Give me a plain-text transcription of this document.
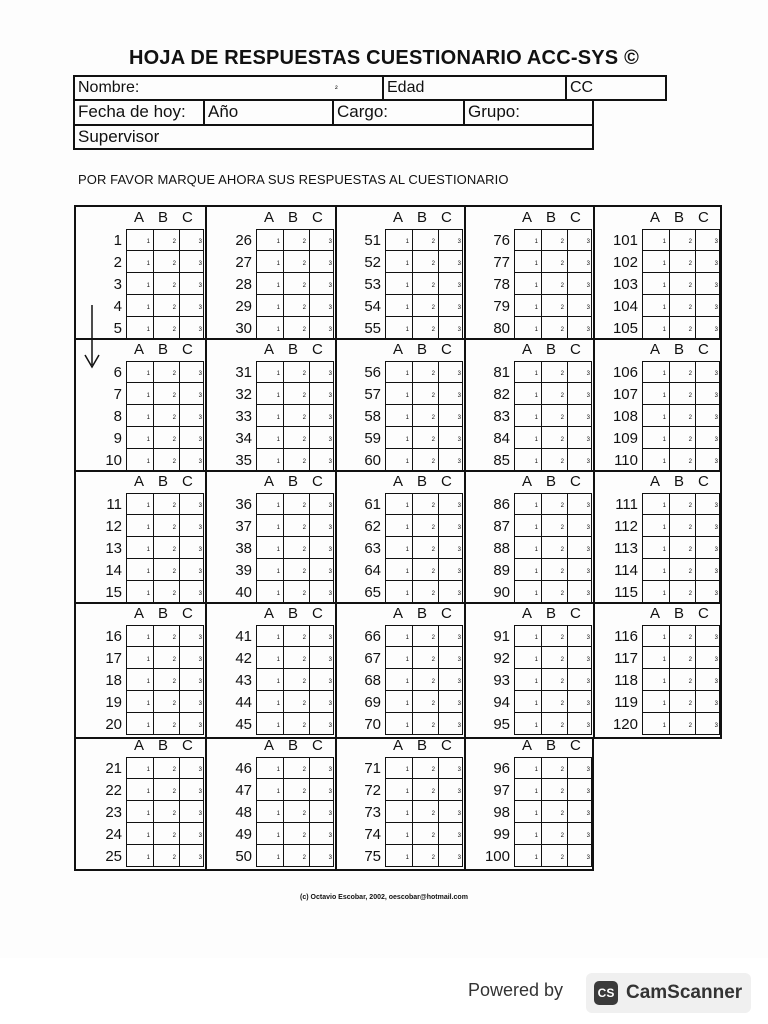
HOJA DE RESPUESTAS CUESTIONARIO ACC-SYS ©
Nombre:	²	Edad	CC
Fecha de hoy:	Año	Cargo:	Grupo:
Supervisor
POR FAVOR MARQUE AHORA SUS RESPUESTAS AL CUESTIONARIO
A B C
1	1	2	3
2	1	2	3
3	1	2	3
4	1	2	3
5	1	2	3
A B C
6	1	2	3
7	1	2	3
8	1	2	3
9	1	2	3
10	1	2	3
A B C
11	1	2	3
12	1	2	3
13	1	2	3
14	1	2	3
15	1	2	3
A B C
16	1	2	3
17	1	2	3
18	1	2	3
19	1	2	3
20	1	2	3
A B C
21	1	2	3
22	1	2	3
23	1	2	3
24	1	2	3
25	1	2	3
A B C
26	1	2	3
27	1	2	3
28	1	2	3
29	1	2	3
30	1	2	3
A B C
31	1	2	3
32	1	2	3
33	1	2	3
34	1	2	3
35	1	2	3
A B C
36	1	2	3
37	1	2	3
38	1	2	3
39	1	2	3
40	1	2	3
A B C
41	1	2	3
42	1	2	3
43	1	2	3
44	1	2	3
45	1	2	3
A B C
46	1	2	3
47	1	2	3
48	1	2	3
49	1	2	3
50	1	2	3
A B C
51	1	2	3
52	1	2	3
53	1	2	3
54	1	2	3
55	1	2	3
A B C
56	1	2	3
57	1	2	3
58	1	2	3
59	1	2	3
60	1	2	3
A B C
61	1	2	3
62	1	2	3
63	1	2	3
64	1	2	3
65	1	2	3
A B C
66	1	2	3
67	1	2	3
68	1	2	3
69	1	2	3
70	1	2	3
A B C
71	1	2	3
72	1	2	3
73	1	2	3
74	1	2	3
75	1	2	3
A B C
76	1	2	3
77	1	2	3
78	1	2	3
79	1	2	3
80	1	2	3
A B C
81	1	2	3
82	1	2	3
83	1	2	3
84	1	2	3
85	1	2	3
A B C
86	1	2	3
87	1	2	3
88	1	2	3
89	1	2	3
90	1	2	3
A B C
91	1	2	3
92	1	2	3
93	1	2	3
94	1	2	3
95	1	2	3
A B C
96	1	2	3
97	1	2	3
98	1	2	3
99	1	2	3
100	1	2	3
A B C
101	1	2	3
102	1	2	3
103	1	2	3
104	1	2	3
105	1	2	3
A B C
106	1	2	3
107	1	2	3
108	1	2	3
109	1	2	3
110	1	2	3
A B C
111	1	2	3
112	1	2	3
113	1	2	3
114	1	2	3
115	1	2	3
A B C
116	1	2	3
117	1	2	3
118	1	2	3
119	1	2	3
120	1	2	3
(c) Octavio Escobar, 2002, oescobar@hotmail.com
Powered by	CS CamScanner
